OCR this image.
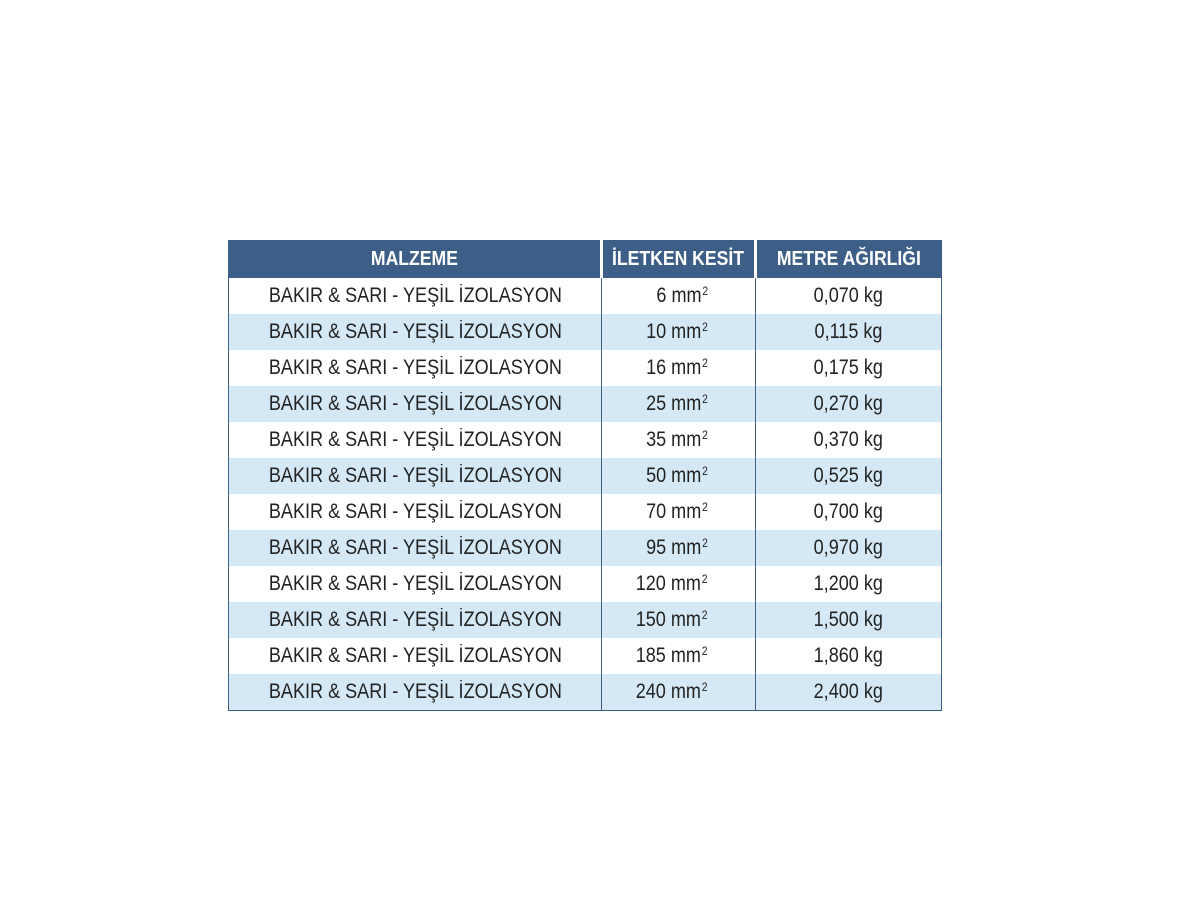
MALZEME	İLETKEN KESİT	METRE AĞIRLIĞI
BAKIR & SARI - YEŞİL İZOLASYON	6 $mm^2$	0,070 kg
BAKIR & SARI - YEŞİL İZOLASYON	10 $mm^2$	0,115 kg
BAKIR & SARI - YEŞİL İZOLASYON	16 $mm^2$	0,175 kg
BAKIR & SARI - YEŞİL İZOLASYON	25 $mm^2$	0,270 kg
BAKIR & SARI - YEŞİL İZOLASYON	35 $mm^2$	0,370 kg
BAKIR & SARI - YEŞİL İZOLASYON	50 $mm^2$	0,525 kg
BAKIR & SARI - YEŞİL İZOLASYON	70 $mm^2$	0,700 kg
BAKIR & SARI - YEŞİL İZOLASYON	95 $mm^2$	0,970 kg
BAKIR & SARI - YEŞİL İZOLASYON	120 $mm^2$	1,200 kg
BAKIR & SARI - YEŞİL İZOLASYON	150 $mm^2$	1,500 kg
BAKIR & SARI - YEŞİL İZOLASYON	185 $mm^2$	1,860 kg
BAKIR & SARI - YEŞİL İZOLASYON	240 $mm^2$	2,400 kg
